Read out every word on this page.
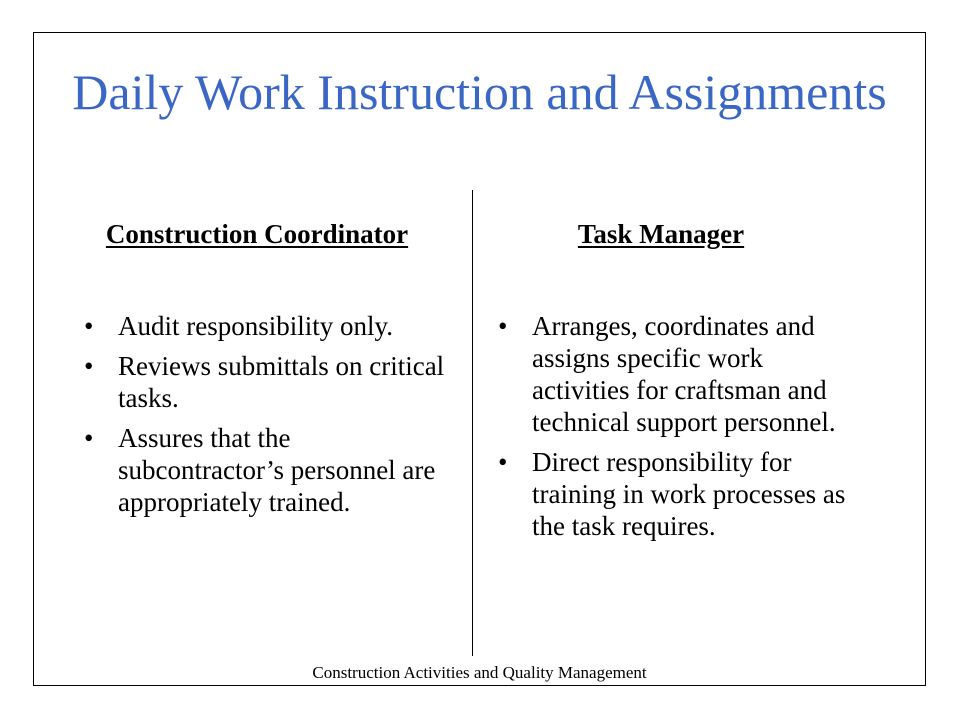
Daily Work Instruction and Assignments
Construction Coordinator
• Audit responsibility only.
• Reviews submittals on critical tasks.
• Assures that the subcontractor’s personnel are appropriately trained.
Task Manager
• Arranges, coordinates and assigns specific work activities for craftsman and technical support personnel.
• Direct responsibility for training in work processes as the task requires.
Construction Activities and Quality Management
